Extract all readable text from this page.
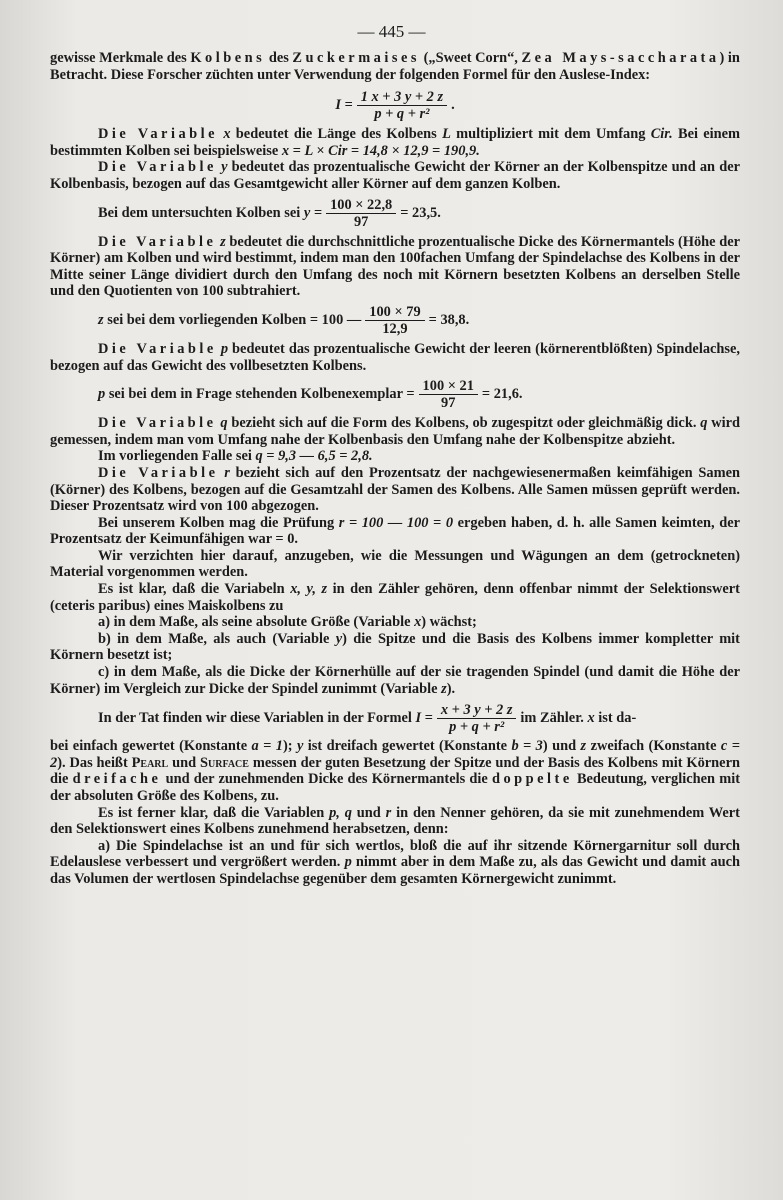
— 445 —

gewisse Merkmale des Kolbens des Zuckermaises („Sweet Corn“, Zea Mays-saccharata) in Betracht. Diese Forscher züchten unter Verwendung der folgenden Formel für den Auslese-Index:

$I = \frac{1 x + 3 y + 2 z}{\text{p + q + r²}}$ .

Die Variable x bedeutet die Länge des Kolbens L multipliziert mit dem Umfang Cir. Bei einem bestimmten Kolben sei beispielsweise x = L × Cir = 14,8 × 12,9 = 190,9.

Die Variable y bedeutet das prozentualische Gewicht der Körner an der Kolbenspitze und an der Kolbenbasis, bezogen auf das Gesamtgewicht aller Körner auf dem ganzen Kolben.

Bei dem untersuchten Kolben sei
$y = \frac{100 \times 22,8}{97} = 23,5$.

Die Variable z bedeutet die durchschnittliche prozentualische Dicke des Körnermantels (Höhe der Körner) am Kolben und wird bestimmt, indem man den 100fachen Umfang der Spindelachse des Kolbens in der Mitte seiner Länge dividiert durch den Umfang des noch mit Körnern besetzten Kolbens an derselben Stelle und den Quotienten von 100 subtrahiert.

z
sei bei dem vorliegenden Kolben = 100 — $\frac{100 \times 79}{12,9} = 38,8$.

Die Variable p bedeutet das prozentualische Gewicht der leeren (körnerentblößten) Spindelachse, bezogen auf das Gewicht des vollbesetzten Kolbens.

p
sei bei dem in Frage stehenden Kolbenexemplar = $\frac{100 \times 21}{97} = 21,6$.

Die Variable q bezieht sich auf die Form des Kolbens, ob zugespitzt oder gleichmäßig dick. q wird gemessen, indem man vom Umfang nahe der Kolbenbasis den Umfang nahe der Kolbenspitze abzieht.

Im vorliegenden Falle sei q = 9,3 — 6,5 = 2,8.

Die Variable r bezieht sich auf den Prozentsatz der nachgewiesenermaßen keimfähigen Samen (Körner) des Kolbens, bezogen auf die Gesamtzahl der Samen des Kolbens. Alle Samen müssen geprüft werden. Dieser Prozentsatz wird von 100 abgezogen.

Bei unserem Kolben mag die Prüfung r = 100 — 100 = 0 ergeben haben, d. h. alle Samen keimten, der Prozentsatz der Keimunfähigen war = 0.

Wir verzichten hier darauf, anzugeben, wie die Messungen und Wägungen an dem (getrockneten) Material vorgenommen werden.

Es ist klar, daß die Variabeln x, y, z in den Zähler gehören, denn offenbar nimmt der Selektionswert (ceteris paribus) eines Maiskolbens zu

a) in dem Maße, als seine absolute Größe (Variable x) wächst;

b) in dem Maße, als auch (Variable y) die Spitze und die Basis des Kolbens immer kompletter mit Körnern besetzt ist;

c) in dem Maße, als die Dicke der Körnerhülle auf der sie tragenden Spindel (und damit die Höhe der Körner) im Vergleich zur Dicke der Spindel zunimmt (Variable z).

In der Tat finden wir diese Variablen in der Formel
$I = \frac{x + 3 y + 2 z}{\text{p + q + r²}}$ im Zähler.
x
ist da-

bei einfach gewertet (Konstante a = 1); y ist dreifach gewertet (Konstante b = 3) und z zweifach (Konstante c = 2). Das heißt Pearl und Surface messen der guten Besetzung der Spitze und der Basis des Kolbens mit Körnern die dreifache und der zunehmenden Dicke des Körnermantels die doppelte Bedeutung, verglichen mit der absoluten Größe des Kolbens, zu.

Es ist ferner klar, daß die Variablen p, q und r in den Nenner gehören, da sie mit zunehmendem Wert den Selektionswert eines Kolbens zunehmend herabsetzen, denn:

a) Die Spindelachse ist an und für sich wertlos, bloß die auf ihr sitzende Körnergarnitur soll durch Edelauslese verbessert und vergrößert werden. p nimmt aber in dem Maße zu, als das Gewicht und damit auch das Volumen der wertlosen Spindelachse gegenüber dem gesamten Körnergewicht zunimmt.
